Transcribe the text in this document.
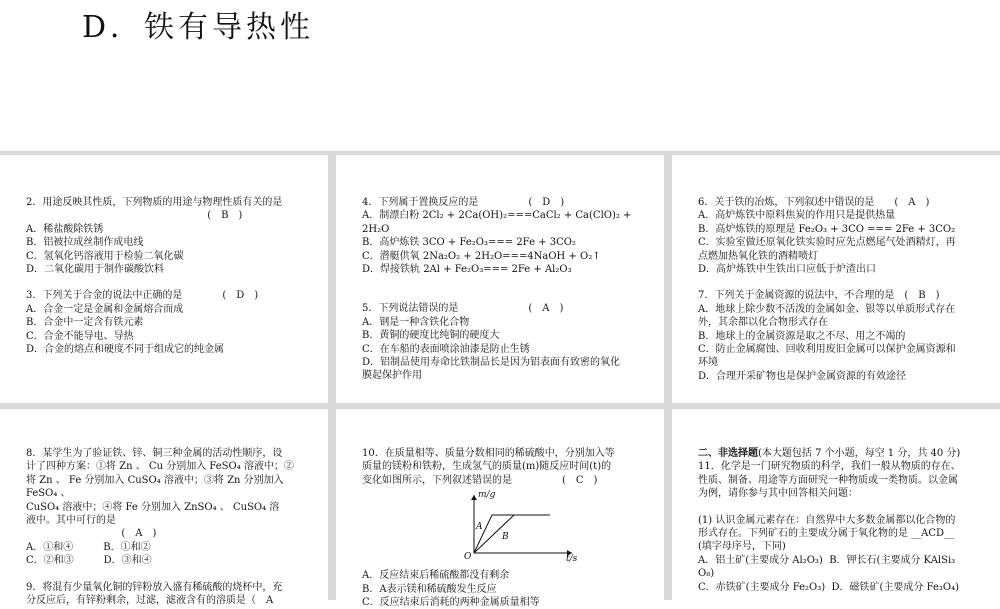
D．铁有导热性

2．用途反映其性质，下列物质的用途与物理性质有关的是

(　B　)

A．稀盐酸除铁锈

B．铝被拉成丝制作成电线

C．氢氧化钙溶液用于检验二氧化碳

D．二氧化碳用于制作碳酸饮料

3．下列关于合金的说法中正确的是　　　　(　D　)

A．合金一定是金属和金属熔合而成

B．合金中一定含有铁元素

C．合金不能导电、导热

D．合金的熔点和硬度不同于组成它的纯金属

4．下列属于置换反应的是　　　　　(　D　)

A．制漂白粉 2Cl₂ + 2Ca(OH)₂===CaCl₂ + Ca(ClO)₂ + 2H₂O

B．高炉炼铁 3CO + Fe₂O₃=== 2Fe + 3CO₂

C．潜艇供氧 2Na₂O₂ + 2H₂O===4NaOH + O₂↑

D．焊接铁轨 2Al + Fe₂O₃=== 2Fe + Al₂O₃

5．下列说法错误的是　　　　　　　(　A　)

A．钢是一种含铁化合物

B．黄铜的硬度比纯铜的硬度大

C．在车船的表面喷涂油漆是防止生锈

D．铝制品使用寿命比铁制品长是因为铝表面有致密的氧化

膜起保护作用

6．关于铁的冶炼，下列叙述中错误的是　　(　A　)

A．高炉炼铁中原料焦炭的作用只是提供热量

B．高炉炼铁的原理是 Fe₂O₃ + 3CO === 2Fe + 3CO₂

C．实验室做还原氧化铁实验时应先点燃尾气处酒精灯，再

点燃加热氧化铁的酒精喷灯

D．高炉炼铁中生铁出口应低于炉渣出口

7．下列关于金属资源的说法中，不合理的是　(　B　)

A．地球上除少数不活泼的金属如金、银等以单质形式存在

外，其余都以化合物形式存在

B．地球上的金属资源是取之不尽、用之不竭的

C．防止金属腐蚀、回收利用废旧金属可以保护金属资源和

环境

D．合理开采矿物也是保护金属资源的有效途径

8．某学生为了验证铁、锌、铜三种金属的活动性顺序，设

计了四种方案：①将 Zn 、 Cu 分别加入 FeSO₄ 溶液中；②

将 Zn 、 Fe 分别加入 CuSO₄ 溶液中；③将 Zn 分别加入 FeSO₄ 、

CuSO₄ 溶液中；④将 Fe 分别加入 ZnSO₄ 、 CuSO₄ 溶

液中。其中可行的是

(　A　)

A．①和④　　　B．①和②

C．②和③　　　D．③和④

9．将混有少量氧化铜的锌粉放入盛有稀硫酸的烧杯中，充

分反应后，有锌粉剩余，过滤，滤液含有的溶质是（　A

10．在质量相等、质量分数相同的稀硫酸中，分别加入等

质量的镁粉和铁粉，生成氢气的质量(m)随反应时间(t)的

变化如图所示，下列叙述错误的是　　　　　(　C　)

m/g
t/s
O
A
B

A．反应结束后稀硫酸都没有剩余

B．A表示镁和稀硫酸发生反应

C．反应结束后消耗的两种金属质量相等

二、非选择题(本大题包括 7 个小题，每空 1 分，共 40 分)

11．化学是一门研究物质的科学，我们一般从物质的存在、

性质、制备、用途等方面研究一种物质或一类物质。以金属

为例，请你参与其中回答相关问题：

(1) 认识金属元素存在：自然界中大多数金属都以化合物的

形式存在。下列矿石的主要成分属于氧化物的是 __ACD__

(填字母序号，下同)

A．铝土矿(主要成分 Al₂O₃)  B．钾长石(主要成分 KAlSi₃

O₈)

C．赤铁矿(主要成分 Fe₂O₃)  D．磁铁矿(主要成分 Fe₃O₄)
